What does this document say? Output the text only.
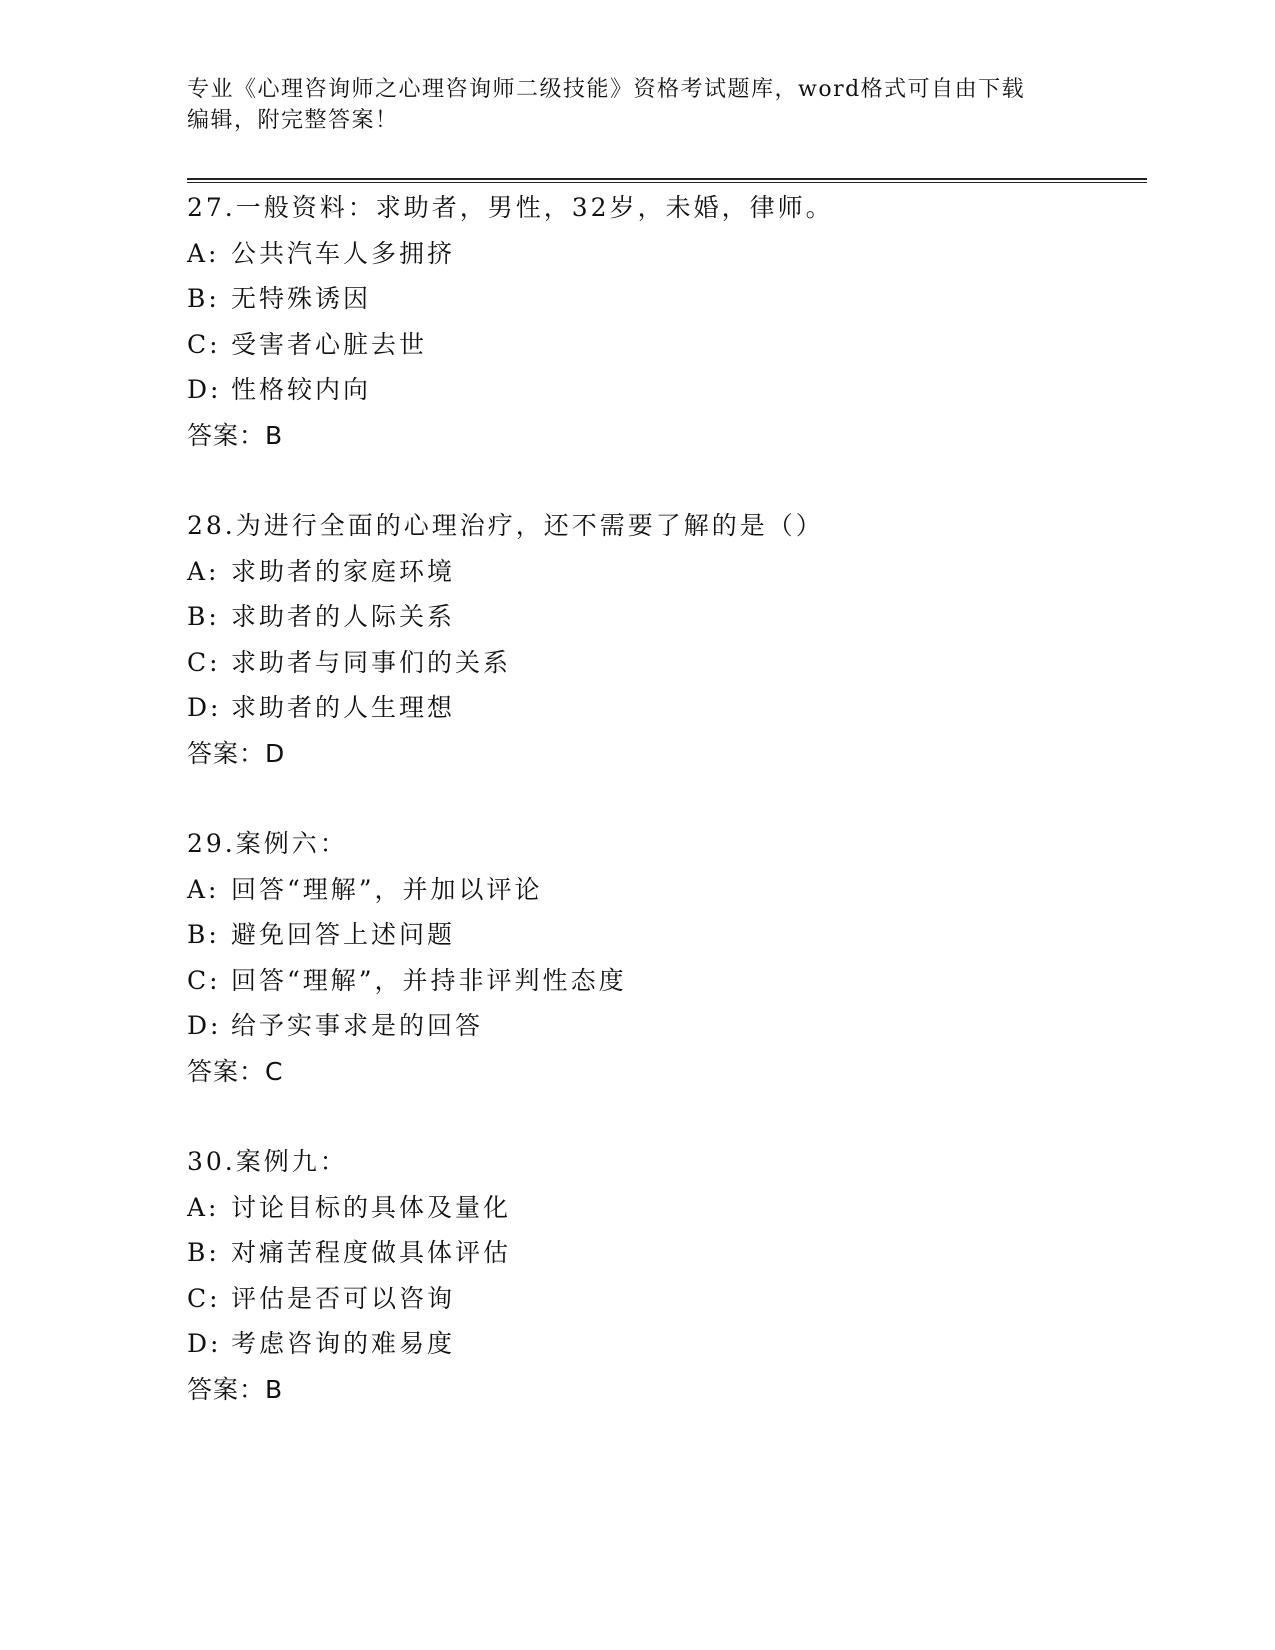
专业《心理咨询师之心理咨询师二级技能》资格考试题库，word格式可自由下载
编辑，附完整答案！
27.一般资料：求助者，男性，32岁，未婚，律师。
A: 公共汽车人多拥挤
B: 无特殊诱因
C: 受害者心脏去世
D: 性格较内向
答案：B
28.为进行全面的心理治疗，还不需要了解的是（）
A: 求助者的家庭环境
B: 求助者的人际关系
C: 求助者与同事们的关系
D: 求助者的人生理想
答案：D
29.案例六：
A: 回答“理解”，并加以评论
B: 避免回答上述问题
C: 回答“理解”，并持非评判性态度
D: 给予实事求是的回答
答案：C
30.案例九：
A: 讨论目标的具体及量化
B: 对痛苦程度做具体评估
C: 评估是否可以咨询
D: 考虑咨询的难易度
答案：B
